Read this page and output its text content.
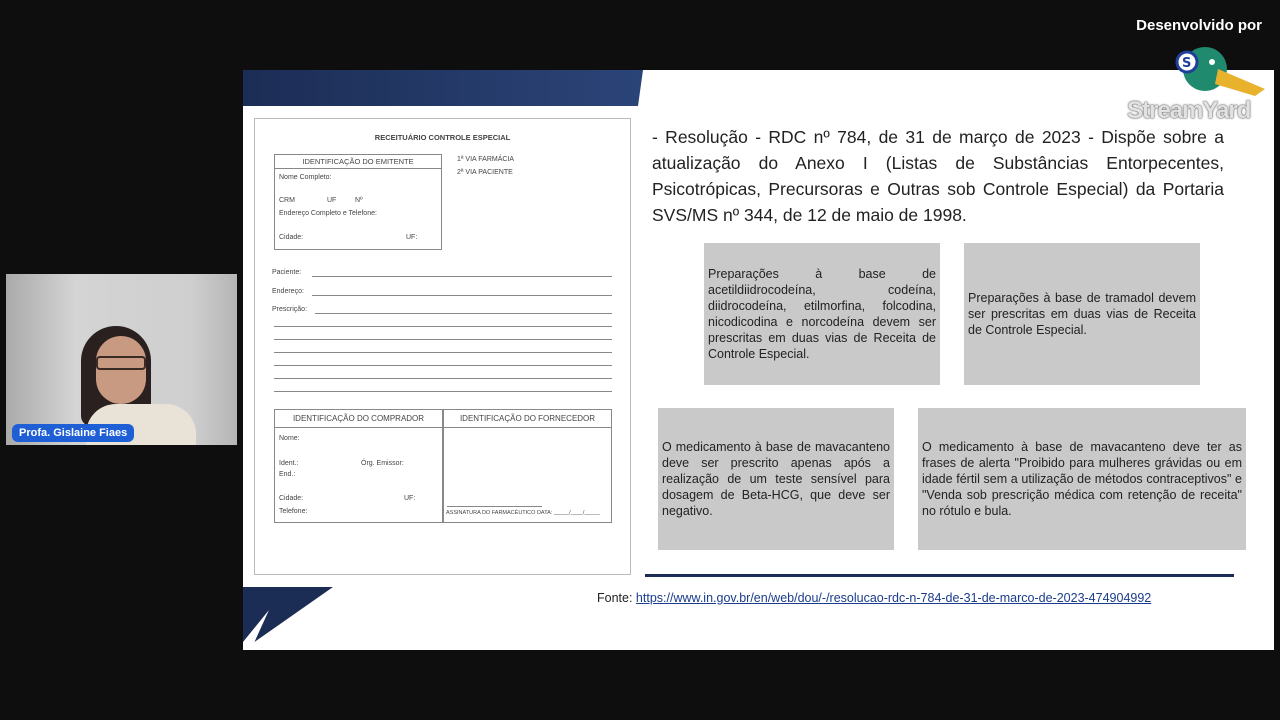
Desenvolvido por
Profa. Gislaine Fiaes
RECEITUÁRIO CONTROLE ESPECIAL
IDENTIFICAÇÃO DO EMITENTE
Nome Completo:
CRM	UF	Nº
Endereço Completo e Telefone:
Cidade:	UF:
1ª VIA FARMÁCIA
2ª VIA PACIENTE
Paciente:
Endereço:
Prescrição:
IDENTIFICAÇÃO DO COMPRADOR
Nome:
Ident.:	Órg. Emissor:
End.:
Cidade:	UF:
Telefone:
IDENTIFICAÇÃO DO FORNECEDOR
ASSINATURA DO FARMACÊUTICO DATA: _____/____/_____
- Resolução - RDC nº 784, de 31 de março de 2023 - Dispõe sobre a atualização do Anexo I (Listas de Substâncias Entorpecentes, Psicotrópicas, Precursoras e Outras sob Controle Especial) da Portaria SVS/MS nº 344, de 12 de maio de 1998.
Preparações à base de acetildiidrocodeína, codeína, diidrocodeína, etilmorfina, folcodina, nicodicodina e norcodeína devem ser prescritas em duas vias de Receita de Controle Especial.
Preparações à base de tramadol devem ser prescritas em duas vias de Receita de Controle Especial.
O medicamento à base de mavacanteno deve ser prescrito apenas após a realização de um teste sensível para dosagem de Beta-HCG, que deve ser negativo.
O medicamento à base de mavacanteno deve ter as frases de alerta "Proibido para mulheres grávidas ou em idade fértil sem a utilização de métodos contraceptivos" e "Venda sob prescrição médica com retenção de receita" no rótulo e bula.
Fonte: https://www.in.gov.br/en/web/dou/-/resolucao-rdc-n-784-de-31-de-marco-de-2023-474904992
S
StreamYard
